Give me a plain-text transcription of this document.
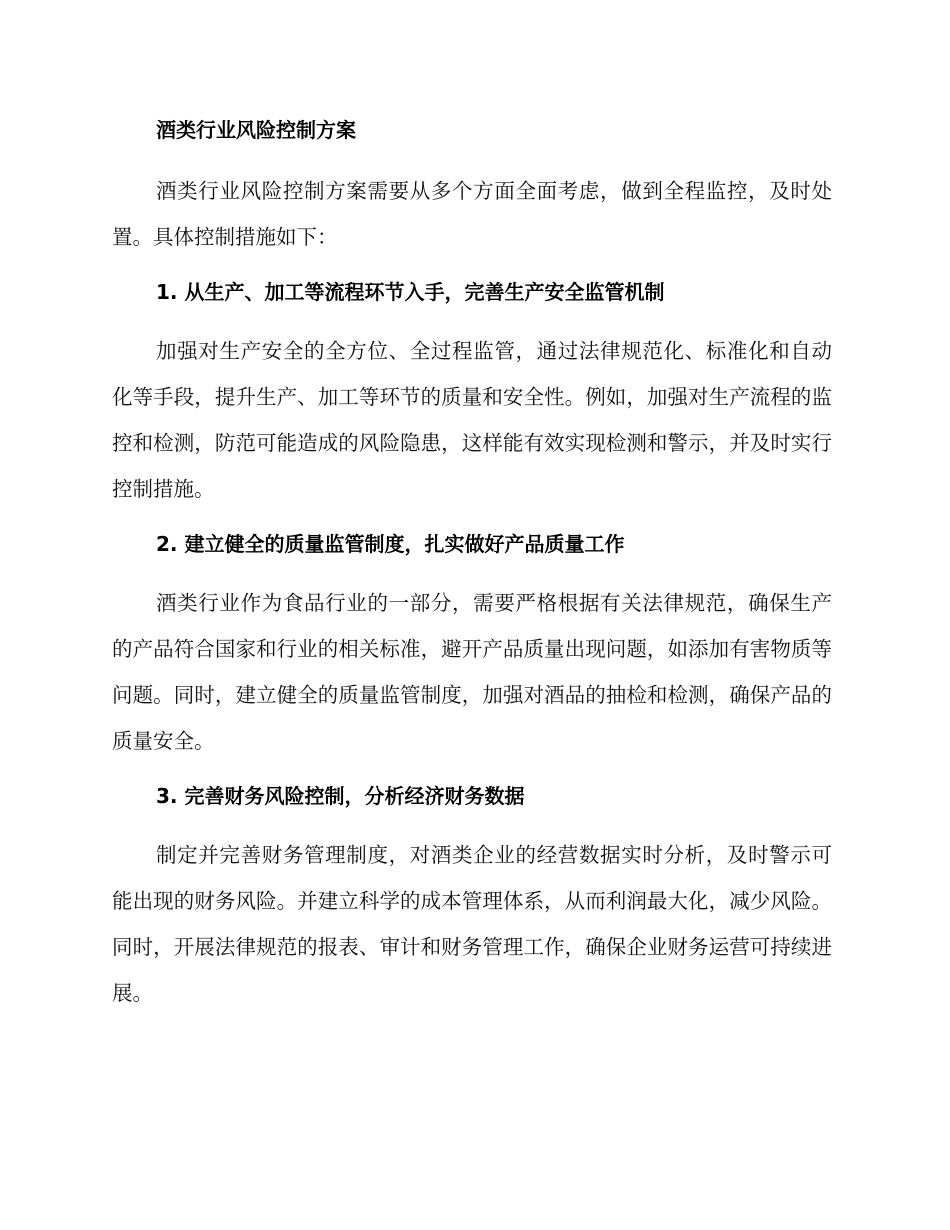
酒类行业风险控制方案

酒类行业风险控制方案需要从多个方面全面考虑，做到全程监控，及时处置。具体控制措施如下：

1. 从生产、加工等流程环节入手，完善生产安全监管机制

加强对生产安全的全方位、全过程监管，通过法律规范化、标准化和自动化等手段，提升生产、加工等环节的质量和安全性。例如，加强对生产流程的监控和检测，防范可能造成的风险隐患，这样能有效实现检测和警示，并及时实行控制措施。

2. 建立健全的质量监管制度，扎实做好产品质量工作

酒类行业作为食品行业的一部分，需要严格根据有关法律规范，确保生产的产品符合国家和行业的相关标准，避开产品质量出现问题，如添加有害物质等问题。同时，建立健全的质量监管制度，加强对酒品的抽检和检测，确保产品的质量安全。

3. 完善财务风险控制，分析经济财务数据

制定并完善财务管理制度，对酒类企业的经营数据实时分析，及时警示可能出现的财务风险。并建立科学的成本管理体系，从而利润最大化，减少风险。同时，开展法律规范的报表、审计和财务管理工作，确保企业财务运营可持续进展。
